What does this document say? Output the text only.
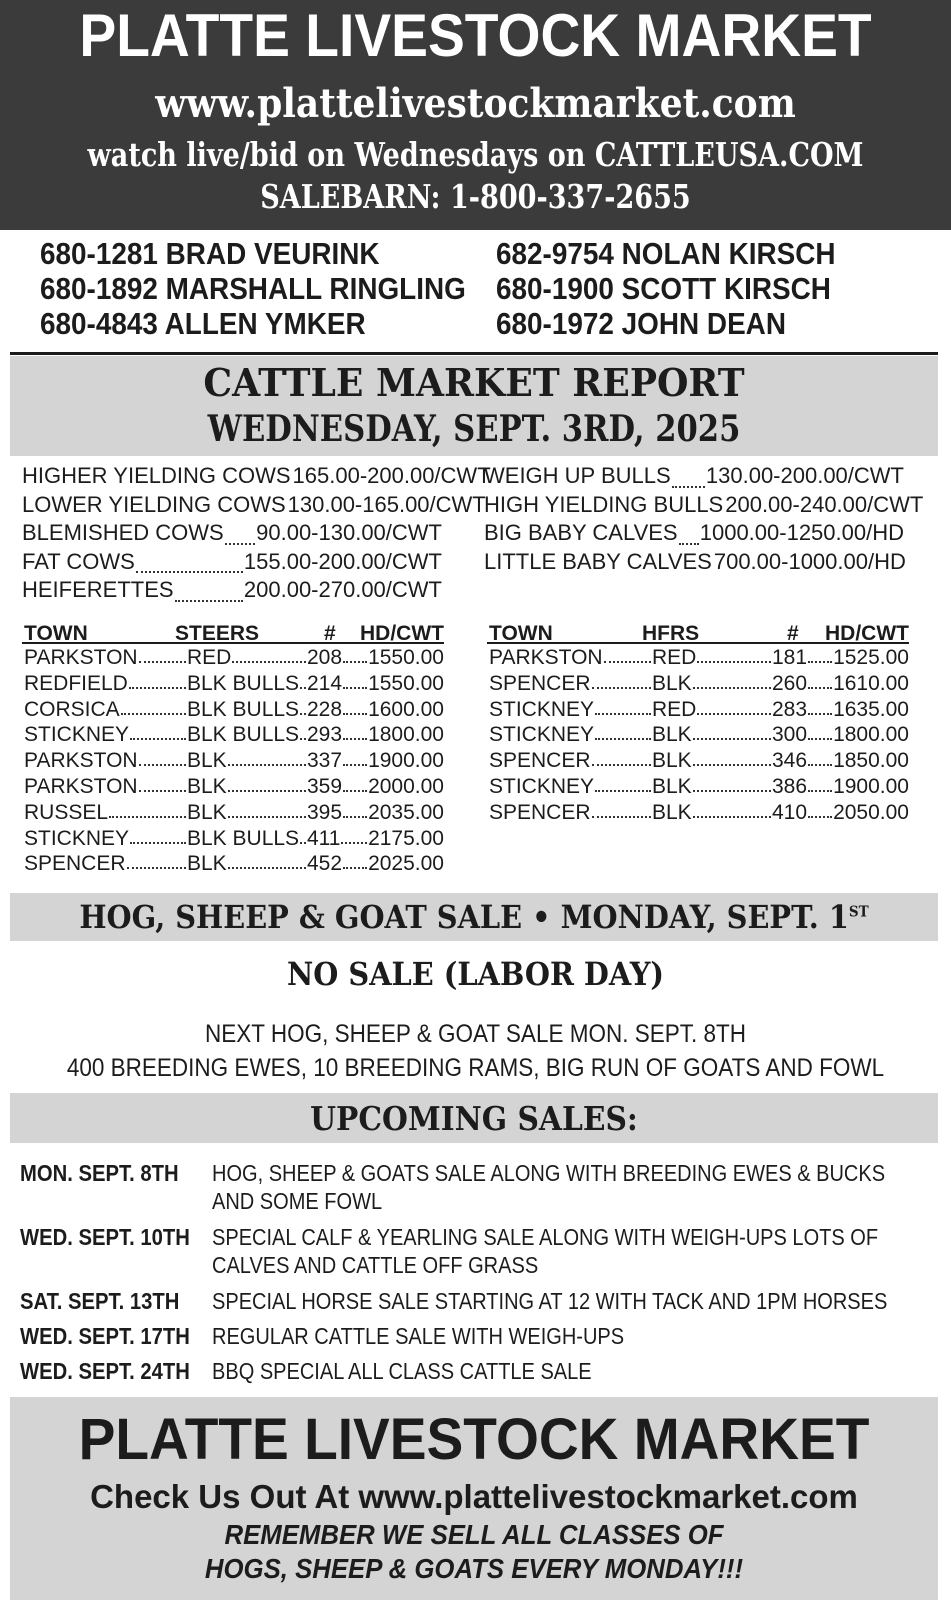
PLATTE LIVESTOCK MARKET
www.plattelivestockmarket.com
watch live/bid on Wednesdays on CATTLEUSA.COM
SALEBARN: 1-800-337-2655
680-1281 BRAD VEURINK
680-1892 MARSHALL RINGLING
680-4843 ALLEN YMKER
682-9754 NOLAN KIRSCH
680-1900 SCOTT KIRSCH
680-1972 JOHN DEAN
CATTLE MARKET REPORT
WEDNESDAY, SEPT. 3RD, 2025
HIGHER YIELDING COWS 165.00-200.00/CWT
LOWER YIELDING COWS 130.00-165.00/CWT
BLEMISHED COWS 90.00-130.00/CWT
FAT COWS	155.00-200.00/CWT
HEIFERETTES	200.00-270.00/CWT
WEIGH UP BULLS 130.00-200.00/CWT
HIGH YIELDING BULLS 200.00-240.00/CWT
BIG BABY CALVES 1000.00-1250.00/HD
LITTLE BABY CALVES 700.00-1000.00/HD
TOWN	STEERS	# HD/CWT
PARKSTON RED	208 1550.00
REDFIELD	BLK BULLS 214 1550.00
CORSICA	BLK BULLS 228 1600.00
STICKNEY	BLK BULLS 293 1800.00
PARKSTON BLK	337 1900.00
PARKSTON BLK	359 2000.00
RUSSEL	BLK	395 2035.00
STICKNEY	BLK BULLS 411 2175.00
SPENCER	BLK	452 2025.00
TOWN	HFRS	# HD/CWT
PARKSTON RED	181 1525.00
SPENCER	BLK	260 1610.00
STICKNEY	RED	283 1635.00
STICKNEY	BLK	300 1800.00
SPENCER	BLK	346 1850.00
STICKNEY	BLK	386 1900.00
SPENCER	BLK	410 2050.00
HOG, SHEEP & GOAT SALE • MONDAY, SEPT. 1ST
NO SALE (LABOR DAY)
NEXT HOG, SHEEP & GOAT SALE MON. SEPT. 8TH
400 BREEDING EWES, 10 BREEDING RAMS, BIG RUN OF GOATS AND FOWL
UPCOMING SALES:
MON. SEPT. 8TH HOG, SHEEP & GOATS SALE ALONG WITH BREEDING EWES & BUCKS AND SOME FOWL
WED. SEPT. 10TH SPECIAL CALF & YEARLING SALE ALONG WITH WEIGH-UPS LOTS OF CALVES AND CATTLE OFF GRASS
SAT. SEPT. 13TH SPECIAL HORSE SALE STARTING AT 12 WITH TACK AND 1PM HORSES
WED. SEPT. 17TH REGULAR CATTLE SALE WITH WEIGH-UPS
WED. SEPT. 24TH BBQ SPECIAL ALL CLASS CATTLE SALE
PLATTE LIVESTOCK MARKET
Check Us Out At www.plattelivestockmarket.com
REMEMBER WE SELL ALL CLASSES OF
HOGS, SHEEP & GOATS EVERY MONDAY!!!
